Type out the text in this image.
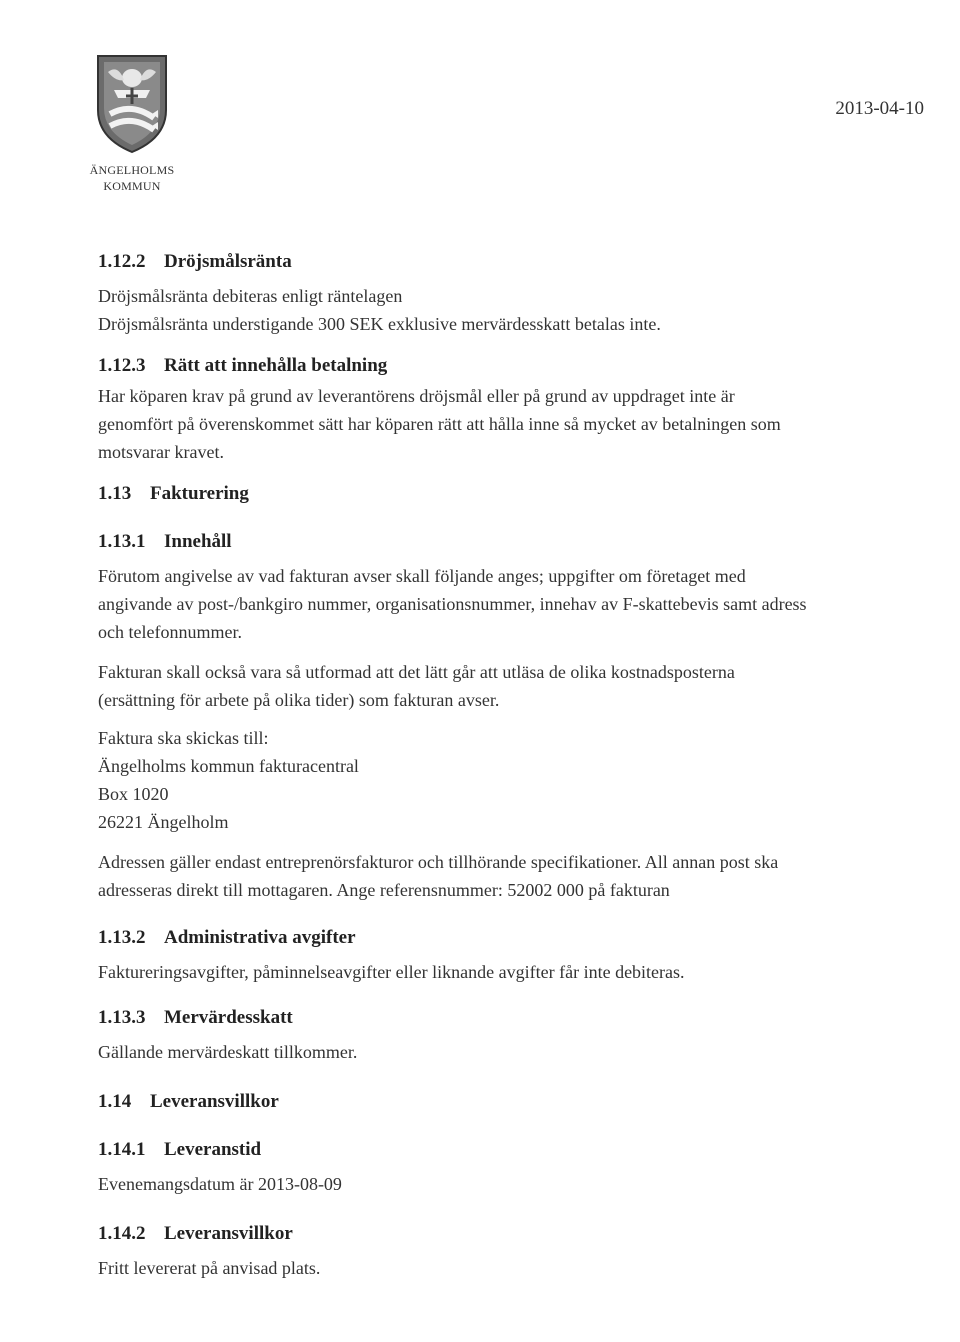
ÄNGELHOLMS
KOMMUN
2013-04-10
1.12.2 Dröjsmålsränta

Dröjsmålsränta debiteras enligt räntelagen

Dröjsmålsränta understigande 300 SEK exklusive mervärdesskatt betalas inte.

1.12.3 Rätt att innehålla betalning

Har köparen krav på grund av leverantörens dröjsmål eller på grund av uppdraget inte är

genomfört på överenskommet sätt har köparen rätt att hålla inne så mycket av betalningen som

motsvarar kravet.

1.13 Fakturering
1.13.1 Innehåll

Förutom angivelse av vad fakturan avser skall följande anges; uppgifter om företaget med

angivande av post-/bankgiro nummer, organisationsnummer, innehav av F-skattebevis samt adress

och telefonnummer.

Fakturan skall också vara så utformad att det lätt går att utläsa de olika kostnadsposterna

(ersättning för arbete på olika tider) som fakturan avser.

Faktura ska skickas till:

Ängelholms kommun fakturacentral

Box 1020

26221 Ängelholm

Adressen gäller endast entreprenörsfakturor och tillhörande specifikationer. All annan post ska

adresseras direkt till mottagaren. Ange referensnummer: 52002 000 på fakturan

1.13.2 Administrativa avgifter

Faktureringsavgifter, påminnelseavgifter eller liknande avgifter får inte debiteras.

1.13.3 Mervärdesskatt

Gällande mervärdeskatt tillkommer.

1.14 Leveransvillkor
1.14.1 Leveranstid

Evenemangsdatum är 2013-08-09

1.14.2 Leveransvillkor

Fritt levererat på anvisad plats.
